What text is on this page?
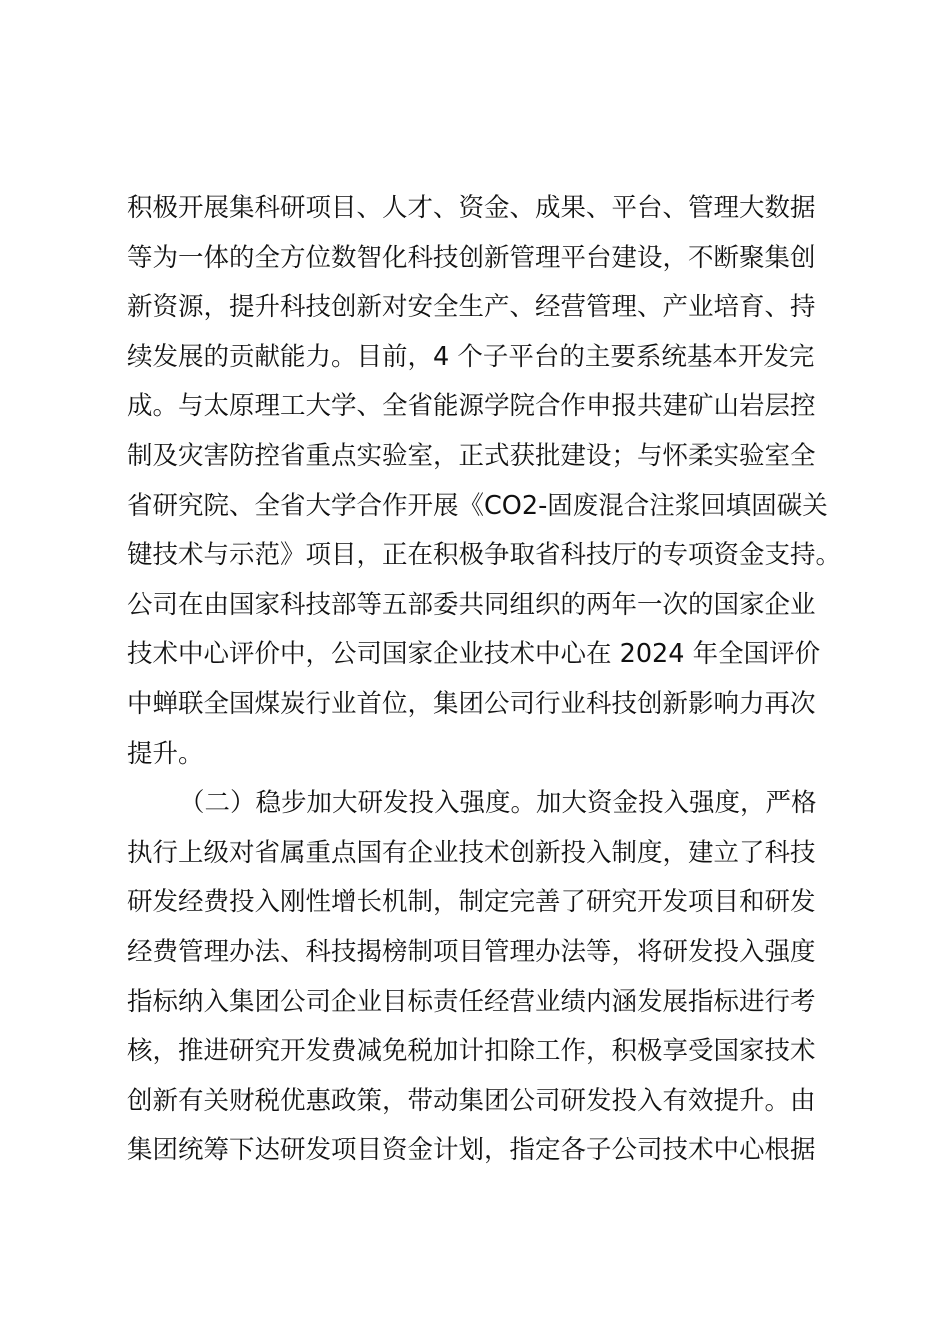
积极开展集科研项目、人才、资金、成果、平台、管理大数据
等为一体的全方位数智化科技创新管理平台建设，不断聚集创
新资源，提升科技创新对安全生产、经营管理、产业培育、持
续发展的贡献能力。目前，4 个子平台的主要系统基本开发完
成。与太原理工大学、全省能源学院合作申报共建矿山岩层控
制及灾害防控省重点实验室，正式获批建设；与怀柔实验室全
省研究院、全省大学合作开展《CO2-固废混合注浆回填固碳关
键技术与示范》项目，正在积极争取省科技厅的专项资金支持。
公司在由国家科技部等五部委共同组织的两年一次的国家企业
技术中心评价中，公司国家企业技术中心在 2024 年全国评价
中蝉联全国煤炭行业首位，集团公司行业科技创新影响力再次
提升。
（二）稳步加大研发投入强度。加大资金投入强度，严格
执行上级对省属重点国有企业技术创新投入制度，建立了科技
研发经费投入刚性增长机制，制定完善了研究开发项目和研发
经费管理办法、科技揭榜制项目管理办法等，将研发投入强度
指标纳入集团公司企业目标责任经营业绩内涵发展指标进行考
核，推进研究开发费减免税加计扣除工作，积极享受国家技术
创新有关财税优惠政策，带动集团公司研发投入有效提升。由
集团统筹下达研发项目资金计划，指定各子公司技术中心根据
